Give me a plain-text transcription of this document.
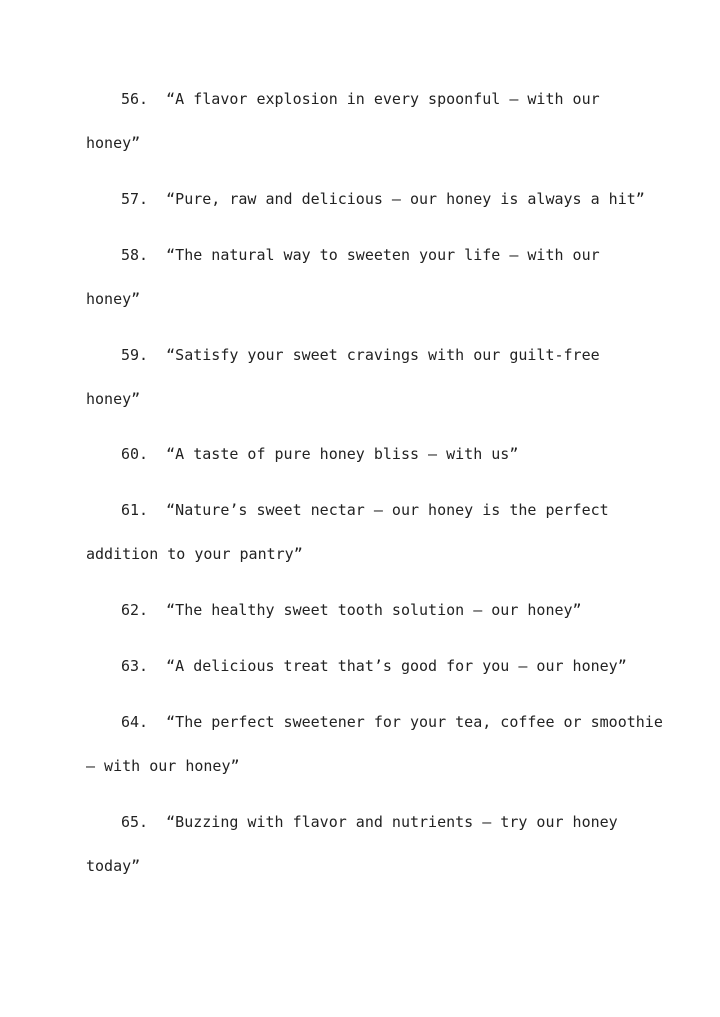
56. “A flavor explosion in every spoonful – with our

honey”

57. “Pure, raw and delicious – our honey is always a hit”

58. “The natural way to sweeten your life – with our

honey”

59. “Satisfy your sweet cravings with our guilt-free

honey”

60. “A taste of pure honey bliss – with us”

61. “Nature’s sweet nectar – our honey is the perfect

addition to your pantry”

62. “The healthy sweet tooth solution – our honey”

63. “A delicious treat that’s good for you – our honey”

64. “The perfect sweetener for your tea, coffee or smoothie

– with our honey”

65. “Buzzing with flavor and nutrients – try our honey

today”
